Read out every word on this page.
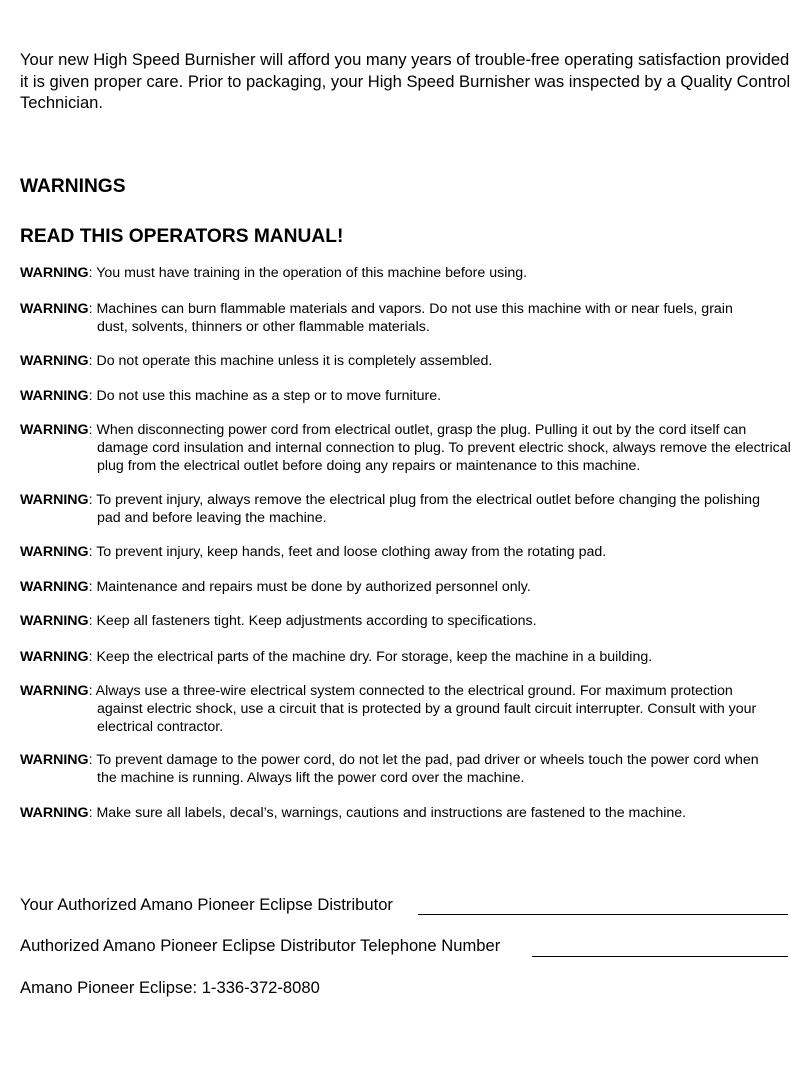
Your new High Speed Burnisher will afford you many years of trouble-free operating satisfaction provided it is given proper care. Prior to packaging, your High Speed Burnisher was inspected by a Quality Control Technician.

WARNINGS
READ THIS OPERATORS MANUAL!
WARNING: You must have training in the operation of this machine before using.
WARNING: Machines can burn flammable materials and vapors. Do not use this machine with or near fuels, grain
dust, solvents, thinners or other flammable materials.
WARNING: Do not operate this machine unless it is completely assembled.
WARNING: Do not use this machine as a step or to move furniture.
WARNING: When disconnecting power cord from electrical outlet, grasp the plug. Pulling it out by the cord itself can
damage cord insulation and internal connection to plug. To prevent electric shock, always remove the electrical plug from the electrical outlet before doing any repairs or maintenance to this machine.
WARNING: To prevent injury, always remove the electrical plug from the electrical outlet before changing the polishing
pad and before leaving the machine.
WARNING: To prevent injury, keep hands, feet and loose clothing away from the rotating pad.
WARNING: Maintenance and repairs must be done by authorized personnel only.
WARNING: Keep all fasteners tight. Keep adjustments according to specifications.
WARNING: Keep the electrical parts of the machine dry. For storage, keep the machine in a building.
WARNING: Always use a three-wire electrical system connected to the electrical ground. For maximum protection
against electric shock, use a circuit that is protected by a ground fault circuit interrupter. Consult with your electrical contractor.
WARNING: To prevent damage to the power cord, do not let the pad, pad driver or wheels touch the power cord when
the machine is running. Always lift the power cord over the machine.
WARNING: Make sure all labels, decal’s, warnings, cautions and instructions are fastened to the machine.
Your Authorized Amano Pioneer Eclipse Distributor
Authorized Amano Pioneer Eclipse Distributor Telephone Number
Amano Pioneer Eclipse: 1-336-372-8080
